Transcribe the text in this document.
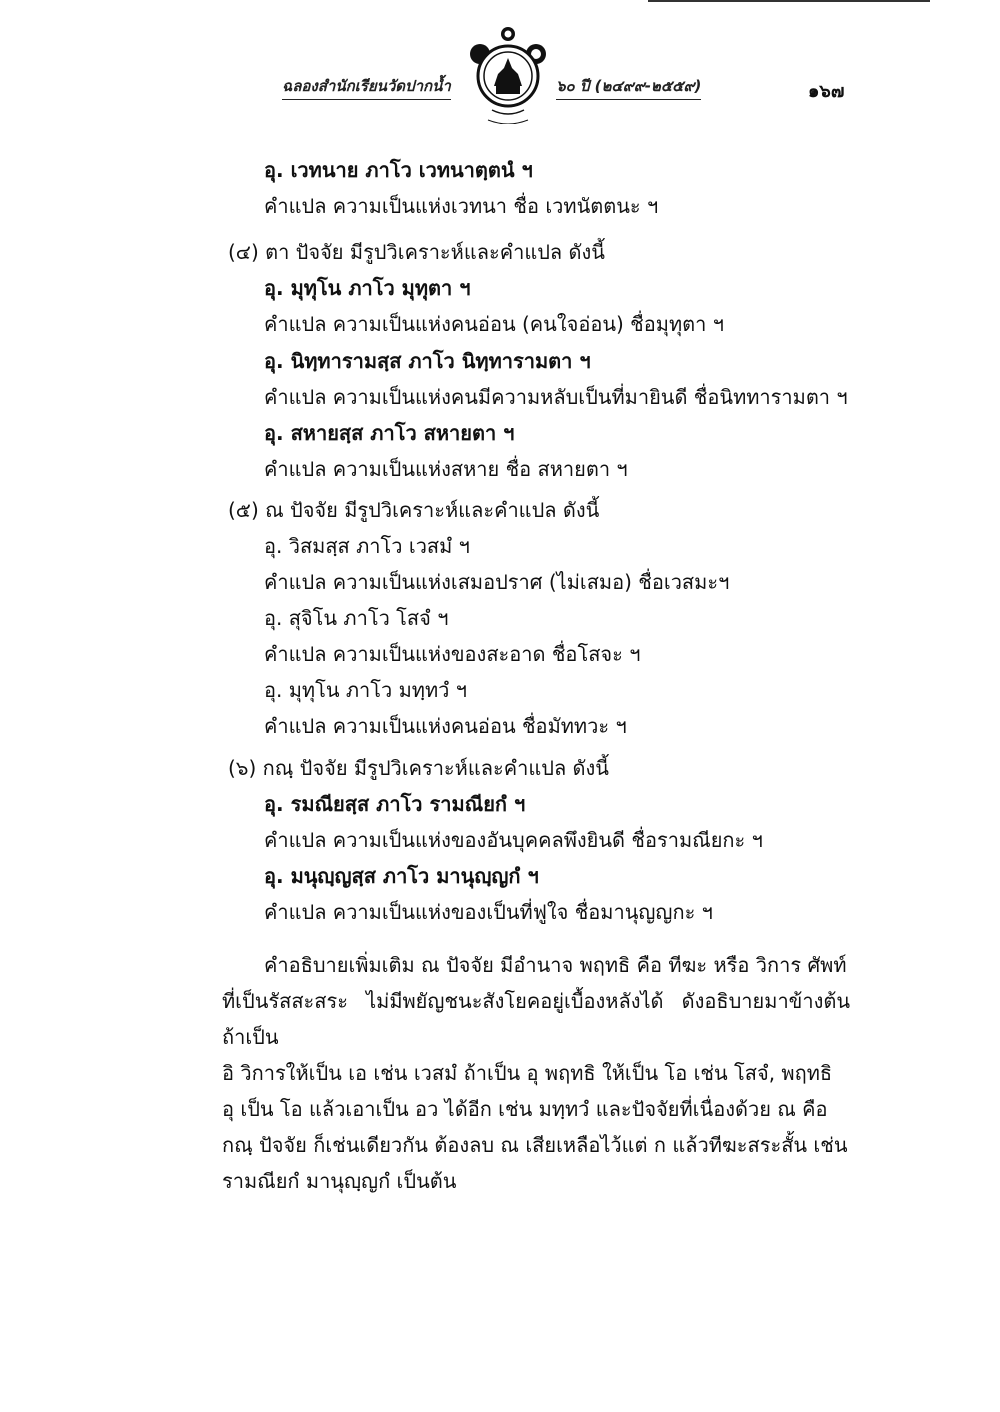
ฉลองสำนักเรียนวัดปากน้ำ	๖๐ ปี (๒๔๙๙-๒๕๕๙)	๑๖๗
อุ. เวทนาย ภาโว เวทนาตฺตนํ ฯ
คำแปล ความเป็นแห่งเวทนา ชื่อ เวทนัตตนะ ฯ
(๔) ตา ปัจจัย มีรูปวิเคราะห์และคำแปล ดังนี้
อุ. มุทุโน ภาโว มุทุตา ฯ
คำแปล ความเป็นแห่งคนอ่อน (คนใจอ่อน) ชื่อมุทุตา ฯ
อุ. นิทฺทารามสฺส ภาโว นิทฺทารามตา ฯ
คำแปล ความเป็นแห่งคนมีความหลับเป็นที่มายินดี ชื่อนิททารามตา ฯ
อุ. สหายสฺส ภาโว สหายตา ฯ
คำแปล ความเป็นแห่งสหาย ชื่อ สหายตา ฯ
(๕) ณ ปัจจัย มีรูปวิเคราะห์และคำแปล ดังนี้
อุ. วิสมสฺส ภาโว เวสมํ ฯ
คำแปล ความเป็นแห่งเสมอปราศ (ไม่เสมอ) ชื่อเวสมะฯ
อุ. สุจิโน ภาโว โสจํ ฯ
คำแปล ความเป็นแห่งของสะอาด ชื่อโสจะ ฯ
อุ. มุทุโน ภาโว มทฺทวํ ฯ
คำแปล ความเป็นแห่งคนอ่อน ชื่อมัททวะ ฯ
(๖) กณฺ ปัจจัย มีรูปวิเคราะห์และคำแปล ดังนี้
อุ. รมณียสฺส ภาโว รามณียกํ ฯ
คำแปล ความเป็นแห่งของอันบุคคลพึงยินดี ชื่อรามณียกะ ฯ
อุ. มนุญฺญสฺส ภาโว มานุญฺญกํ ฯ
คำแปล ความเป็นแห่งของเป็นที่ฟูใจ ชื่อมานุญญกะ ฯ
คำอธิบายเพิ่มเติม ณ ปัจจัย มีอำนาจ พฤทธิ คือ ทีฆะ หรือ วิการ ศัพท์
ที่เป็นรัสสะสระ ไม่มีพยัญชนะสังโยคอยู่เบื้องหลังได้ ดังอธิบายมาข้างต้น ถ้าเป็น
อิ วิการให้เป็น เอ เช่น เวสมํ ถ้าเป็น อุ พฤทธิ ให้เป็น โอ เช่น โสจํ, พฤทธิ
อุ เป็น โอ แล้วเอาเป็น อว ได้อีก เช่น มทฺทวํ และปัจจัยที่เนื่องด้วย ณ คือ
กณฺ ปัจจัย ก็เช่นเดียวกัน ต้องลบ ณ เสียเหลือไว้แต่ ก แล้วทีฆะสระสั้น เช่น
รามณียกํ มานุญฺญกํ เป็นต้น
